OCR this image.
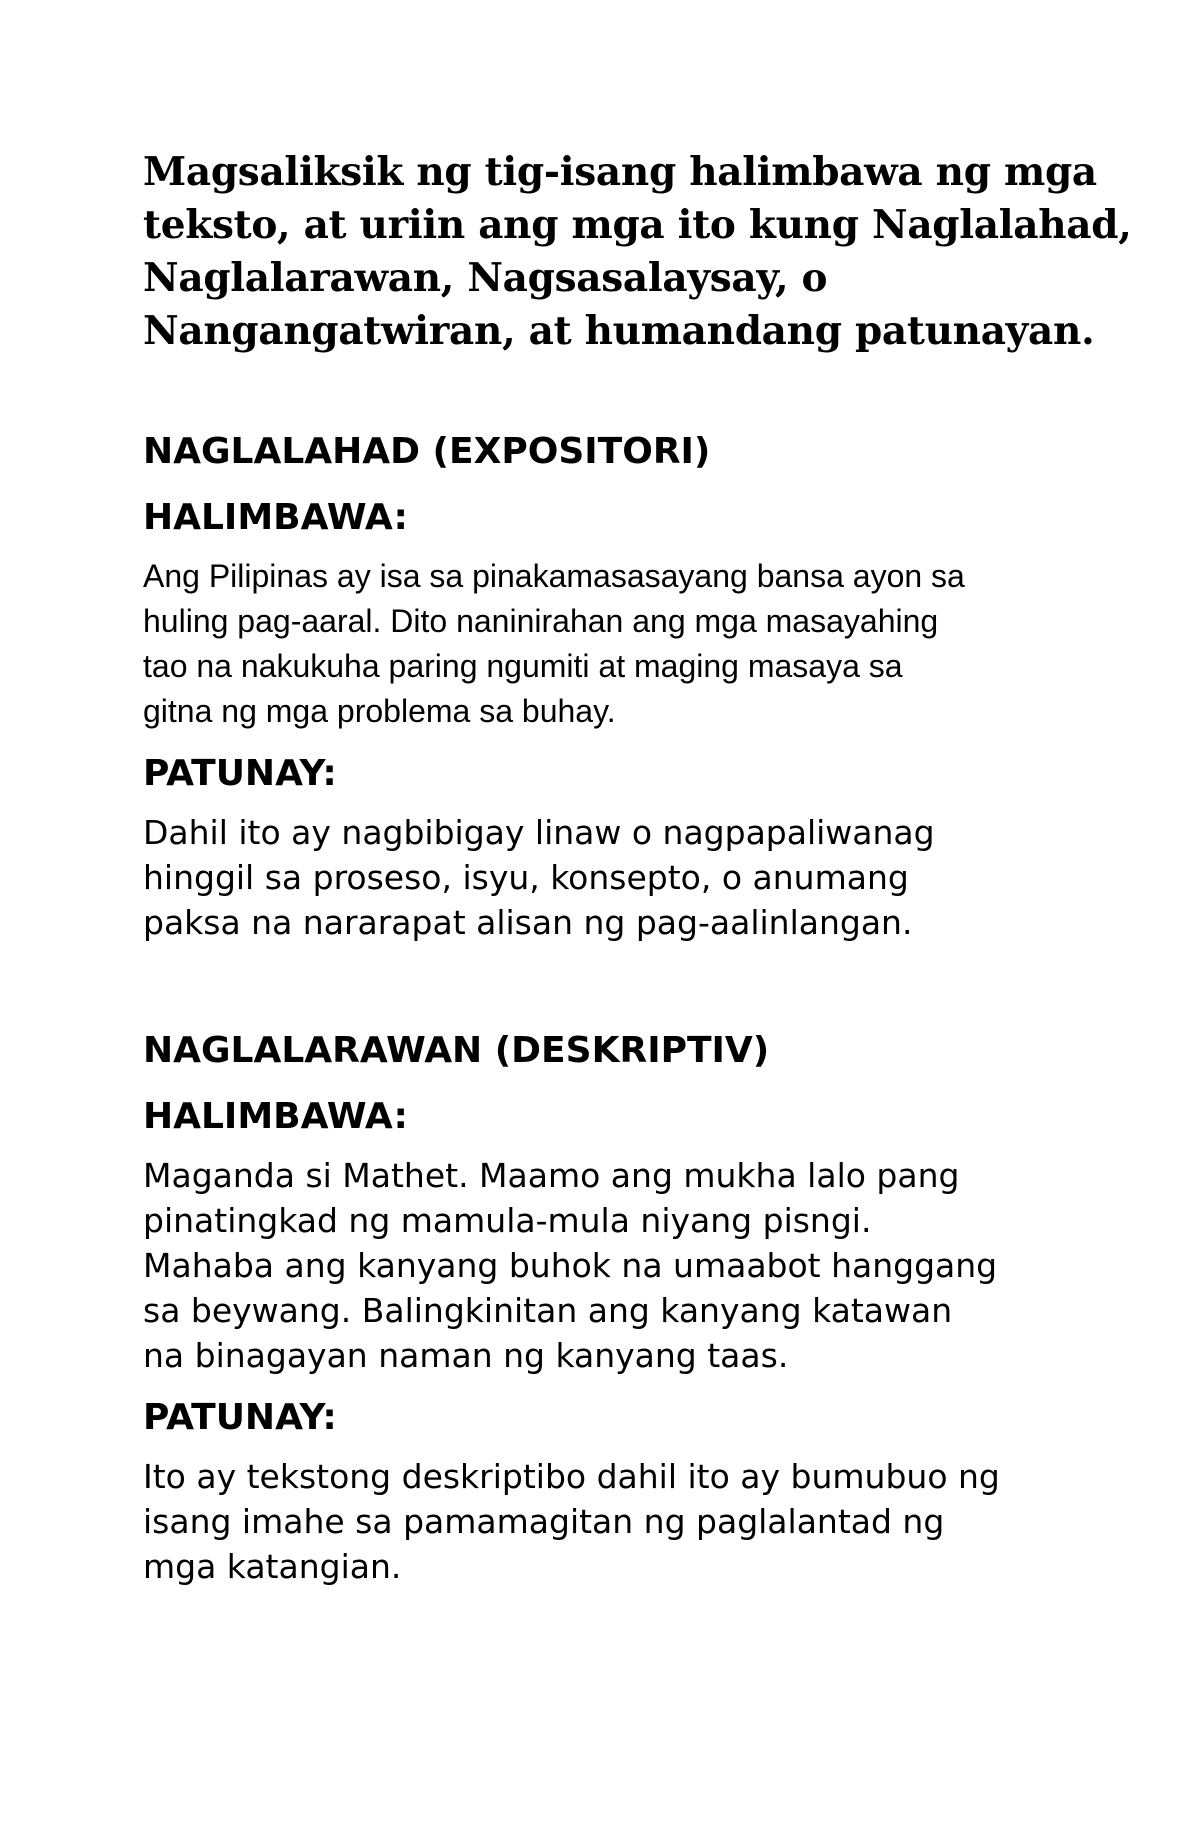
Magsaliksik ng tig-isang halimbawa ng mga
teksto, at uriin ang mga ito kung Naglalahad,
Naglalarawan, Nagsasalaysay, o
Nangangatwiran, at humandang patunayan.

NAGLALAHAD (EXPOSITORI)

HALIMBAWA:

Ang Pilipinas ay isa sa pinakamasasayang bansa ayon sa
huling pag-aaral. Dito naninirahan ang mga masayahing
tao na nakukuha paring ngumiti at maging masaya sa
gitna ng mga problema sa buhay.

PATUNAY:

Dahil ito ay nagbibigay linaw o nagpapaliwanag
hinggil sa proseso, isyu, konsepto, o anumang
paksa na nararapat alisan ng pag-aalinlangan.

NAGLALARAWAN (DESKRIPTIV)

HALIMBAWA:

Maganda si Mathet. Maamo ang mukha lalo pang
pinatingkad ng mamula-mula niyang pisngi.
Mahaba ang kanyang buhok na umaabot hanggang
sa beywang. Balingkinitan ang kanyang katawan
na binagayan naman ng kanyang taas.

PATUNAY:

Ito ay tekstong deskriptibo dahil ito ay bumubuo ng
isang imahe sa pamamagitan ng paglalantad ng
mga katangian.
